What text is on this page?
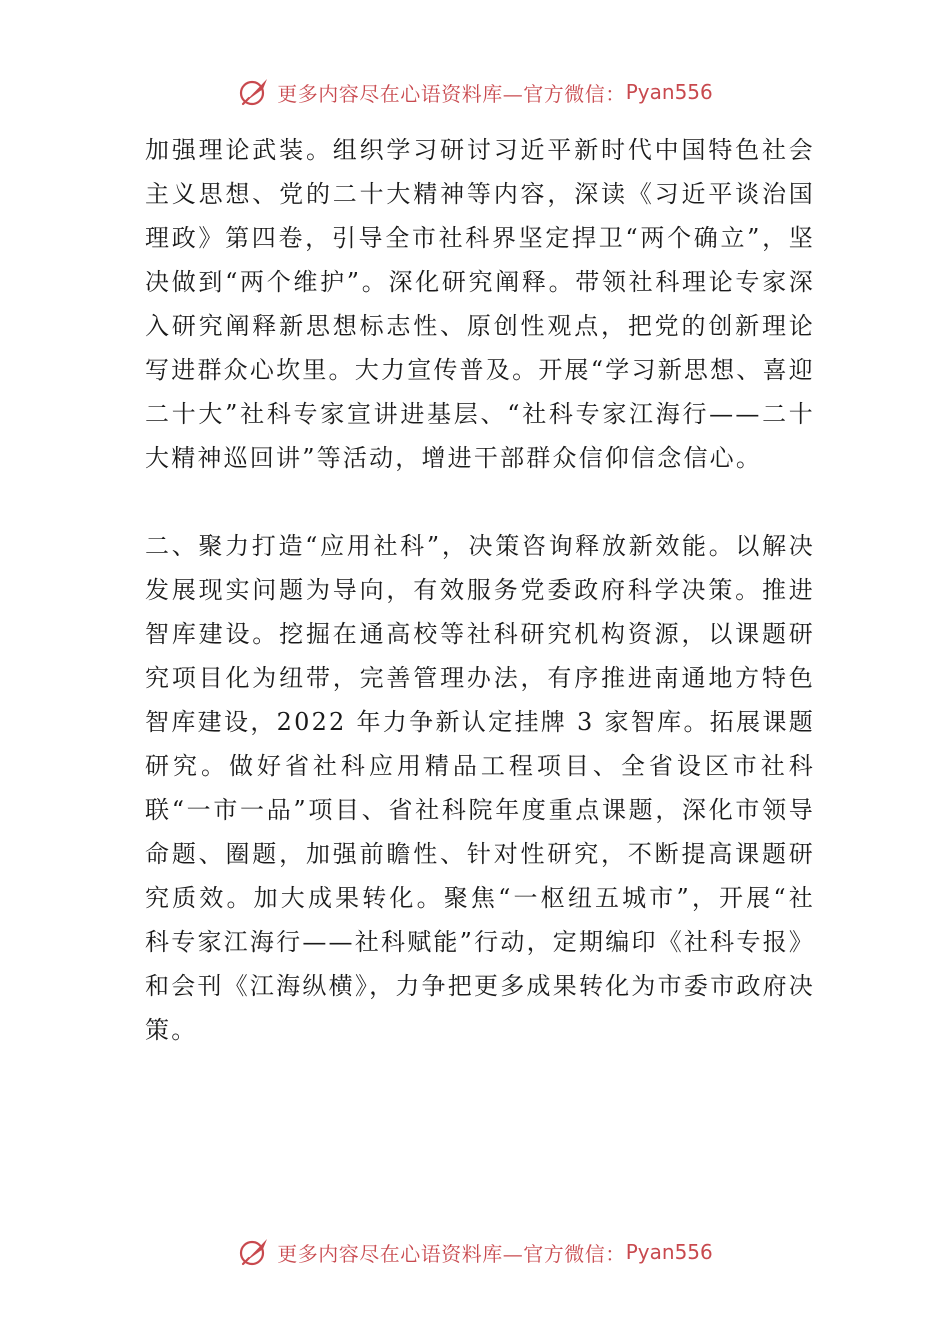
更多内容尽在心语资料库—官方微信： Pyan556

加强理论武装。组织学习研讨习近平新时代中国特色社会主义思想、党的二十大精神等内容，深读《习近平谈治国理政》第四卷，引导全市社科界坚定捍卫“两个确立”，坚决做到“两个维护”。深化研究阐释。带领社科理论专家深入研究阐释新思想标志性、原创性观点，把党的创新理论写进群众心坎里。大力宣传普及。开展“学习新思想、喜迎二十大”社科专家宣讲进基层、“社科专家江海行——二十大精神巡回讲”等活动，增进干部群众信仰信念信心。

二、聚力打造“应用社科”，决策咨询释放新效能。以解决发展现实问题为导向，有效服务党委政府科学决策。推进智库建设。挖掘在通高校等社科研究机构资源，以课题研究项目化为纽带，完善管理办法，有序推进南通地方特色智库建设，2022 年力争新认定挂牌 3 家智库。拓展课题研究。做好省社科应用精品工程项目、全省设区市社科联“一市一品”项目、省社科院年度重点课题，深化市领导命题、圈题，加强前瞻性、针对性研究，不断提高课题研究质效。加大成果转化。聚焦“一枢纽五城市”，开展“社科专家江海行——社科赋能”行动，定期编印《社科专报》和会刊《江海纵横》，力争把更多成果转化为市委市政府决策。

更多内容尽在心语资料库—官方微信： Pyan556
